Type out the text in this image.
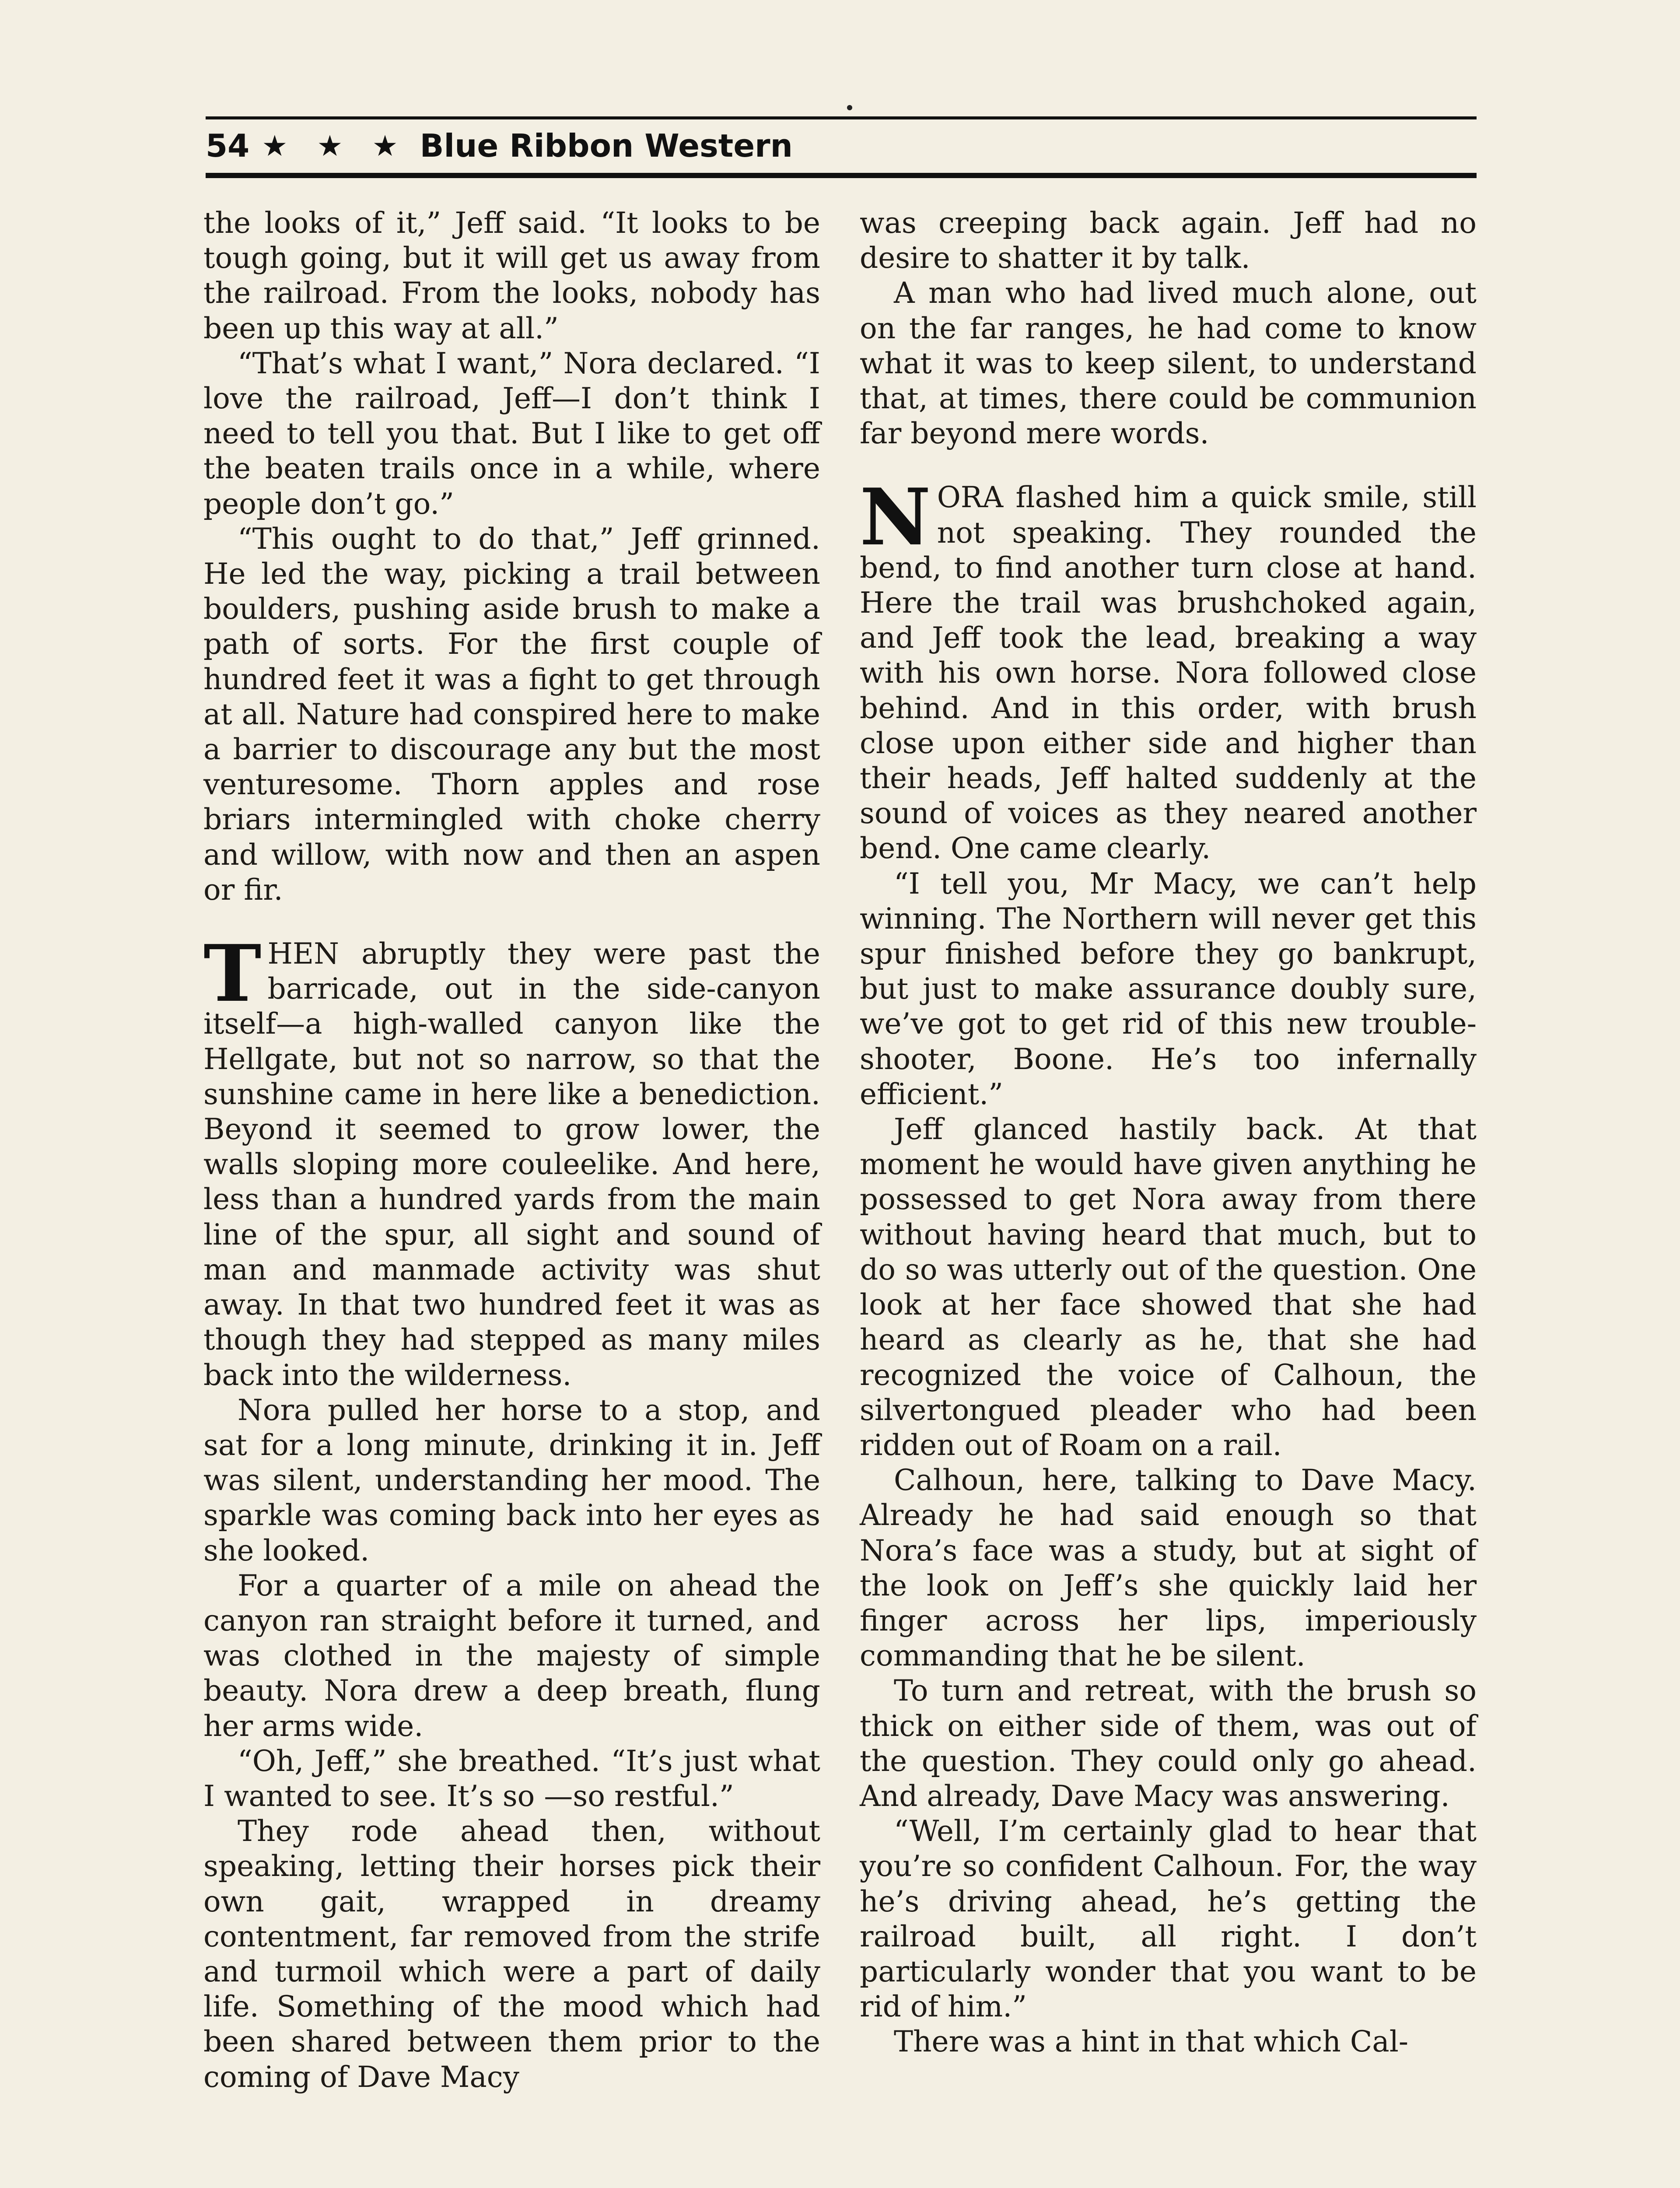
54 ★ ★ ★ Blue Ribbon Western

the looks of it,” Jeff said. “It looks to be tough going, but it will get us away from the railroad. From the looks, nobody has been up this way at all.”

“That’s what I want,” Nora declared. “I love the railroad, Jeff—I don’t think I need to tell you that. But I like to get off the beaten trails once in a while, where people don’t go.”

“This ought to do that,” Jeff grinned. He led the way, picking a trail between boulders, pushing aside brush to make a path of sorts. For the first couple of hundred feet it was a fight to get through at all. Nature had conspired here to make a barrier to discourage any but the most venturesome. Thorn apples and rose briars intermingled with choke cherry and willow, with now and then an aspen or fir.

THEN abruptly they were past the barricade, out in the side-canyon itself—a high-walled canyon like the Hellgate, but not so narrow, so that the sunshine came in here like a benediction. Beyond it seemed to grow lower, the walls sloping more couleelike. And here, less than a hundred yards from the main line of the spur, all sight and sound of man and manmade activity was shut away. In that two hundred feet it was as though they had stepped as many miles back into the wilderness.

Nora pulled her horse to a stop, and sat for a long minute, drinking it in. Jeff was silent, understanding her mood. The sparkle was coming back into her eyes as she looked.

For a quarter of a mile on ahead the canyon ran straight before it turned, and was clothed in the majesty of simple beauty. Nora drew a deep breath, flung her arms wide.

“Oh, Jeff,” she breathed. “It’s just what I wanted to see. It’s so —so restful.”

They rode ahead then, without speaking, letting their horses pick their own gait, wrapped in dreamy contentment, far removed from the strife and turmoil which were a part of daily life. Something of the mood which had been shared between them prior to the coming of Dave Macy

was creeping back again. Jeff had no desire to shatter it by talk.

A man who had lived much alone, out on the far ranges, he had come to know what it was to keep silent, to understand that, at times, there could be communion far beyond mere words.

NORA flashed him a quick smile, still not speaking. They rounded the bend, to find another turn close at hand. Here the trail was brushchoked again, and Jeff took the lead, breaking a way with his own horse. Nora followed close behind. And in this order, with brush close upon either side and higher than their heads, Jeff halted suddenly at the sound of voices as they neared another bend. One came clearly.

“I tell you, Mr Macy, we can’t help winning. The Northern will never get this spur finished before they go bankrupt, but just to make assurance doubly sure, we’ve got to get rid of this new trouble-shooter, Boone. He’s too infernally efficient.”

Jeff glanced hastily back. At that moment he would have given anything he possessed to get Nora away from there without having heard that much, but to do so was utterly out of the question. One look at her face showed that she had heard as clearly as he, that she had recognized the voice of Calhoun, the silvertongued pleader who had been ridden out of Roam on a rail.

Calhoun, here, talking to Dave Macy. Already he had said enough so that Nora’s face was a study, but at sight of the look on Jeff’s she quickly laid her finger across her lips, imperiously commanding that he be silent.

To turn and retreat, with the brush so thick on either side of them, was out of the question. They could only go ahead. And already, Dave Macy was answering.

“Well, I’m certainly glad to hear that you’re so confident Calhoun. For, the way he’s driving ahead, he’s getting the railroad built, all right. I don’t particularly wonder that you want to be rid of him.”

There was a hint in that which Cal-
